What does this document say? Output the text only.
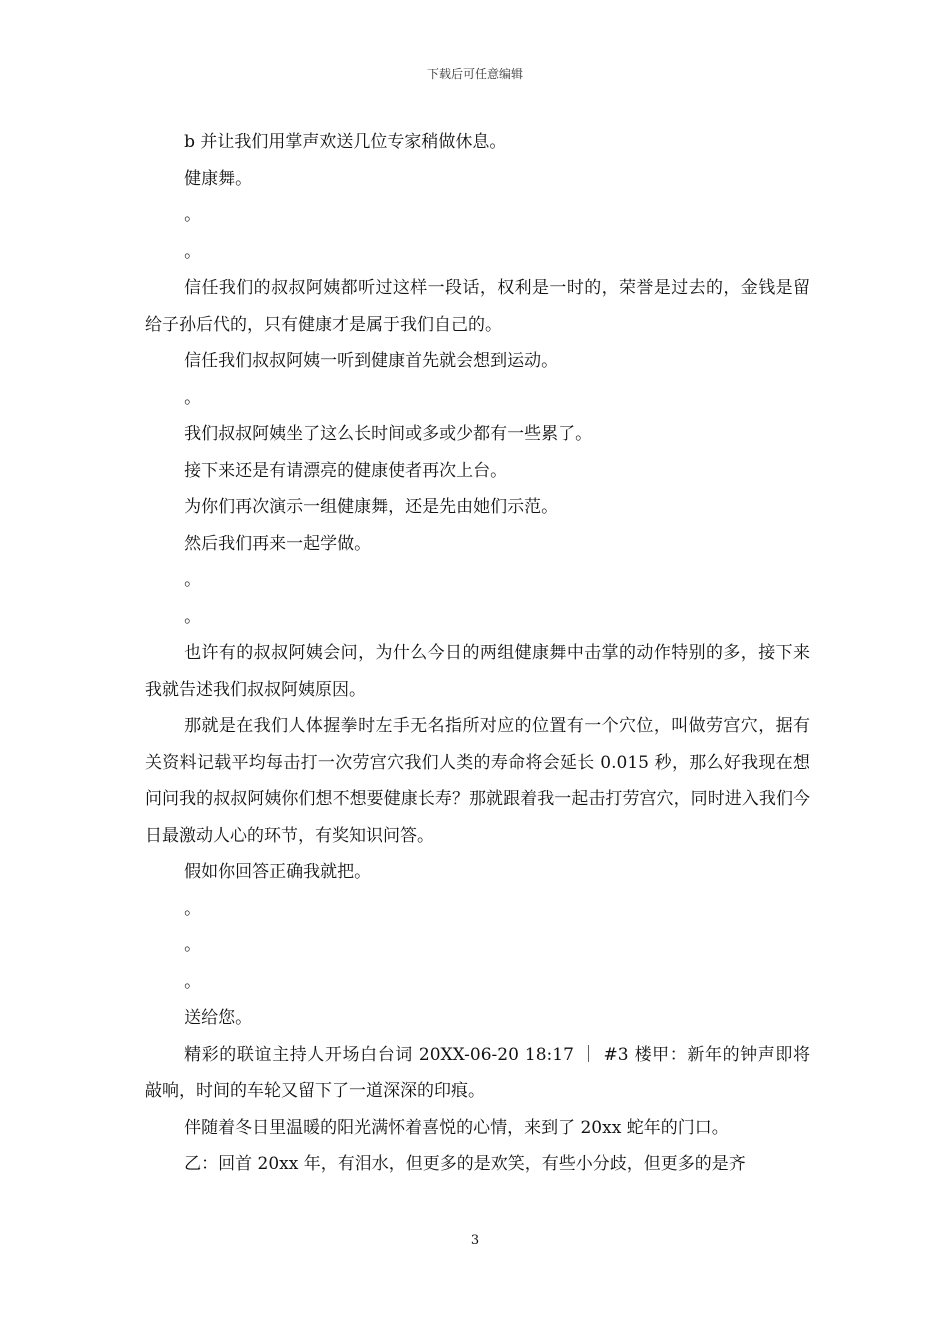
下载后可任意编辑

b 并让我们用掌声欢送几位专家稍做休息。

健康舞。

。

。

信任我们的叔叔阿姨都听过这样一段话，权利是一时的，荣誉是过去的，金钱是留给子孙后代的，只有健康才是属于我们自己的。

信任我们叔叔阿姨一听到健康首先就会想到运动。

。

我们叔叔阿姨坐了这么长时间或多或少都有一些累了。

接下来还是有请漂亮的健康使者再次上台。

为你们再次演示一组健康舞，还是先由她们示范。

然后我们再来一起学做。

。

。

也许有的叔叔阿姨会问，为什么今日的两组健康舞中击掌的动作特别的多，接下来我就告述我们叔叔阿姨原因。

那就是在我们人体握拳时左手无名指所对应的位置有一个穴位，叫做劳宫穴，据有关资料记载平均每击打一次劳宫穴我们人类的寿命将会延长 0.015 秒，那么好我现在想问问我的叔叔阿姨你们想不想要健康长寿？那就跟着我一起击打劳宫穴，同时进入我们今日最激动人心的环节，有奖知识问答。

假如你回答正确我就把。

。

。

。

送给您。

精彩的联谊主持人开场白台词 20XX-06-20 18:17 ｜ #3 楼甲：新年的钟声即将敲响，时间的车轮又留下了一道深深的印痕。

伴随着冬日里温暖的阳光满怀着喜悦的心情，来到了 20xx 蛇年的门口。

乙：回首 20xx 年，有泪水，但更多的是欢笑，有些小分歧，但更多的是齐

3
